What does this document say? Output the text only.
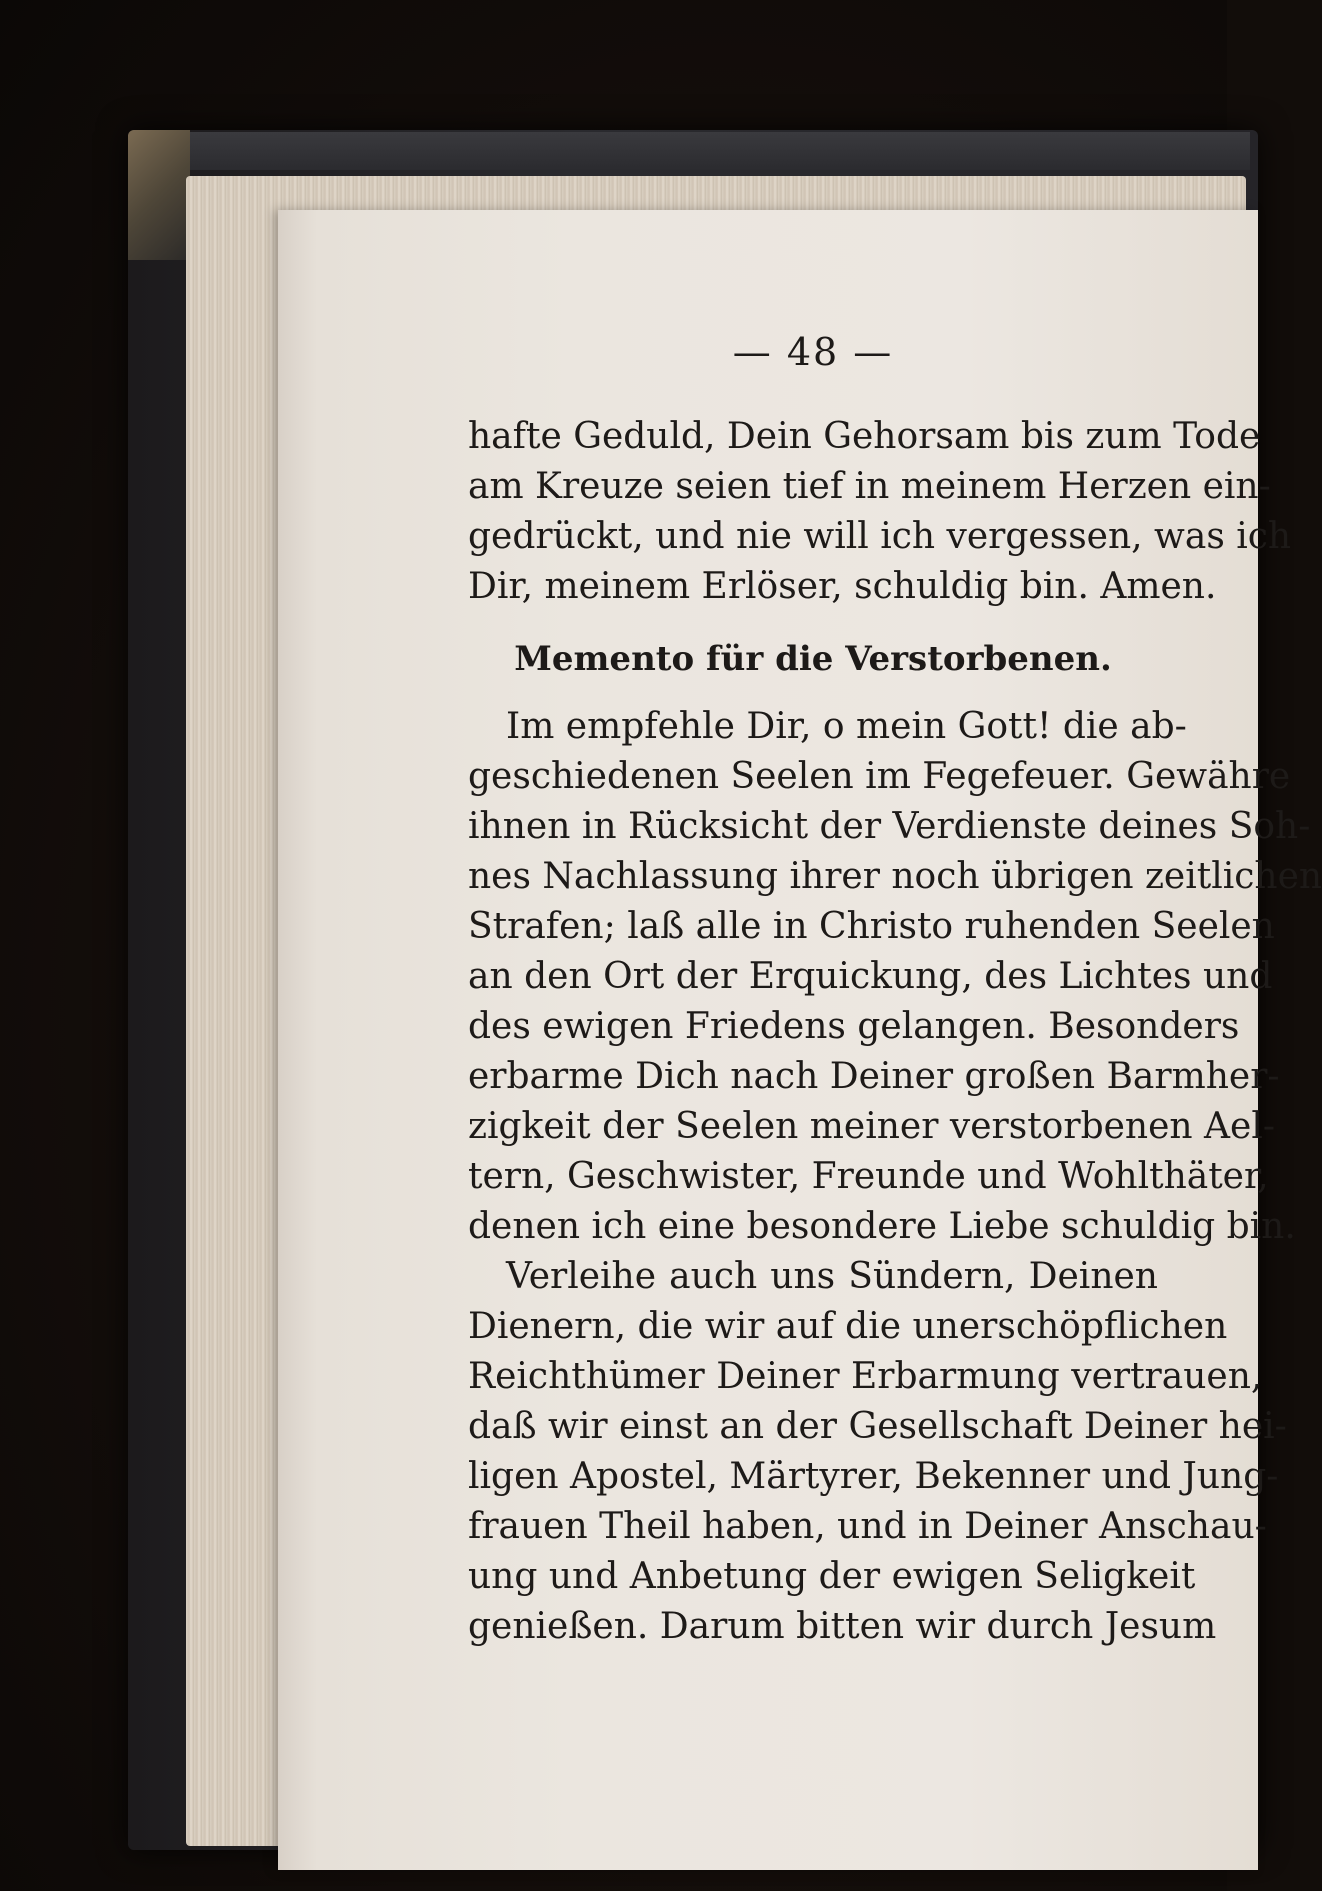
— 48 —
hafte Geduld, Dein Gehorsam bis zum Tode
am Kreuze seien tief in meinem Herzen ein-
gedrückt, und nie will ich vergessen, was ich
Dir, meinem Erlöser, schuldig bin. Amen.
Memento für die Verstorbenen.
Im empfehle Dir, o mein Gott! die ab-
geschiedenen Seelen im Fegefeuer. Gewähre
ihnen in Rücksicht der Verdienste deines Soh-
nes Nachlassung ihrer noch übrigen zeitlichen
Strafen; laß alle in Christo ruhenden Seelen
an den Ort der Erquickung, des Lichtes und
des ewigen Friedens gelangen. Besonders
erbarme Dich nach Deiner großen Barmher-
zigkeit der Seelen meiner verstorbenen Ael-
tern, Geschwister, Freunde und Wohlthäter,
denen ich eine besondere Liebe schuldig bin.
Verleihe auch uns Sündern, Deinen
Dienern, die wir auf die unerschöpflichen
Reichthümer Deiner Erbarmung vertrauen,
daß wir einst an der Gesellschaft Deiner hei-
ligen Apostel, Märtyrer, Bekenner und Jung-
frauen Theil haben, und in Deiner Anschau-
ung und Anbetung der ewigen Seligkeit
genießen. Darum bitten wir durch Jesum
